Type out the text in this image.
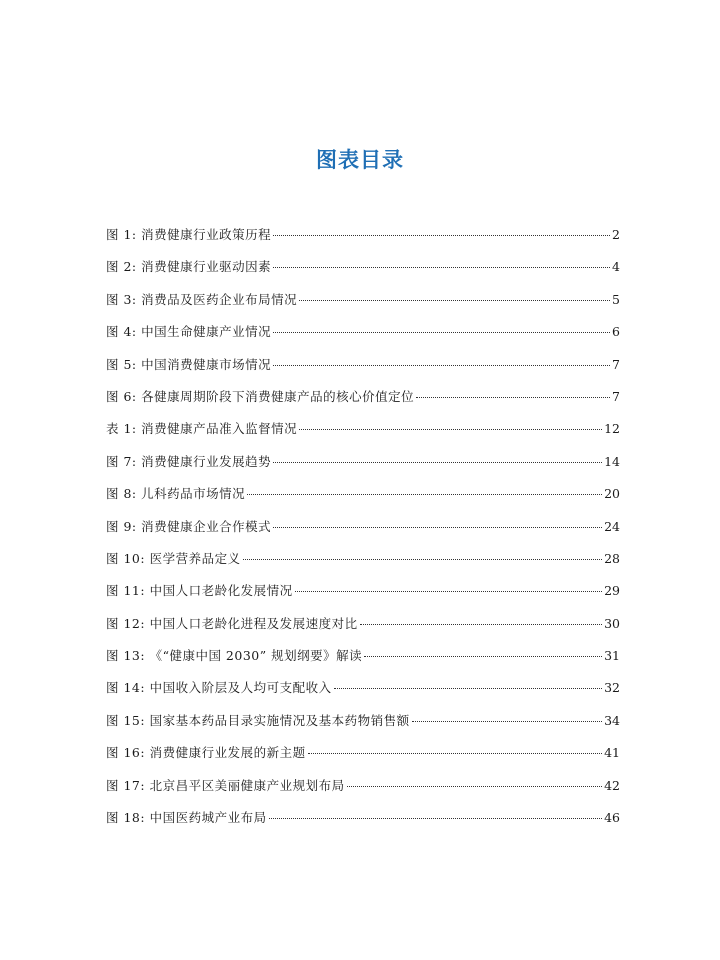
图表目录
图 1: 消费健康行业政策历程	2
图 2: 消费健康行业驱动因素	4
图 3: 消费品及医药企业布局情况	5
图 4: 中国生命健康产业情况	6
图 5: 中国消费健康市场情况	7
图 6: 各健康周期阶段下消费健康产品的核心价值定位	7
表 1: 消费健康产品准入监督情况	12
图 7: 消费健康行业发展趋势	14
图 8: 儿科药品市场情况	20
图 9: 消费健康企业合作模式	24
图 10: 医学营养品定义	28
图 11: 中国人口老龄化发展情况	29
图 12: 中国人口老龄化进程及发展速度对比	30
图 13: 《“健康中国 2030” 规划纲要》解读	31
图 14: 中国收入阶层及人均可支配收入	32
图 15: 国家基本药品目录实施情况及基本药物销售额	34
图 16: 消费健康行业发展的新主题	41
图 17: 北京昌平区美丽健康产业规划布局	42
图 18: 中国医药城产业布局	46
